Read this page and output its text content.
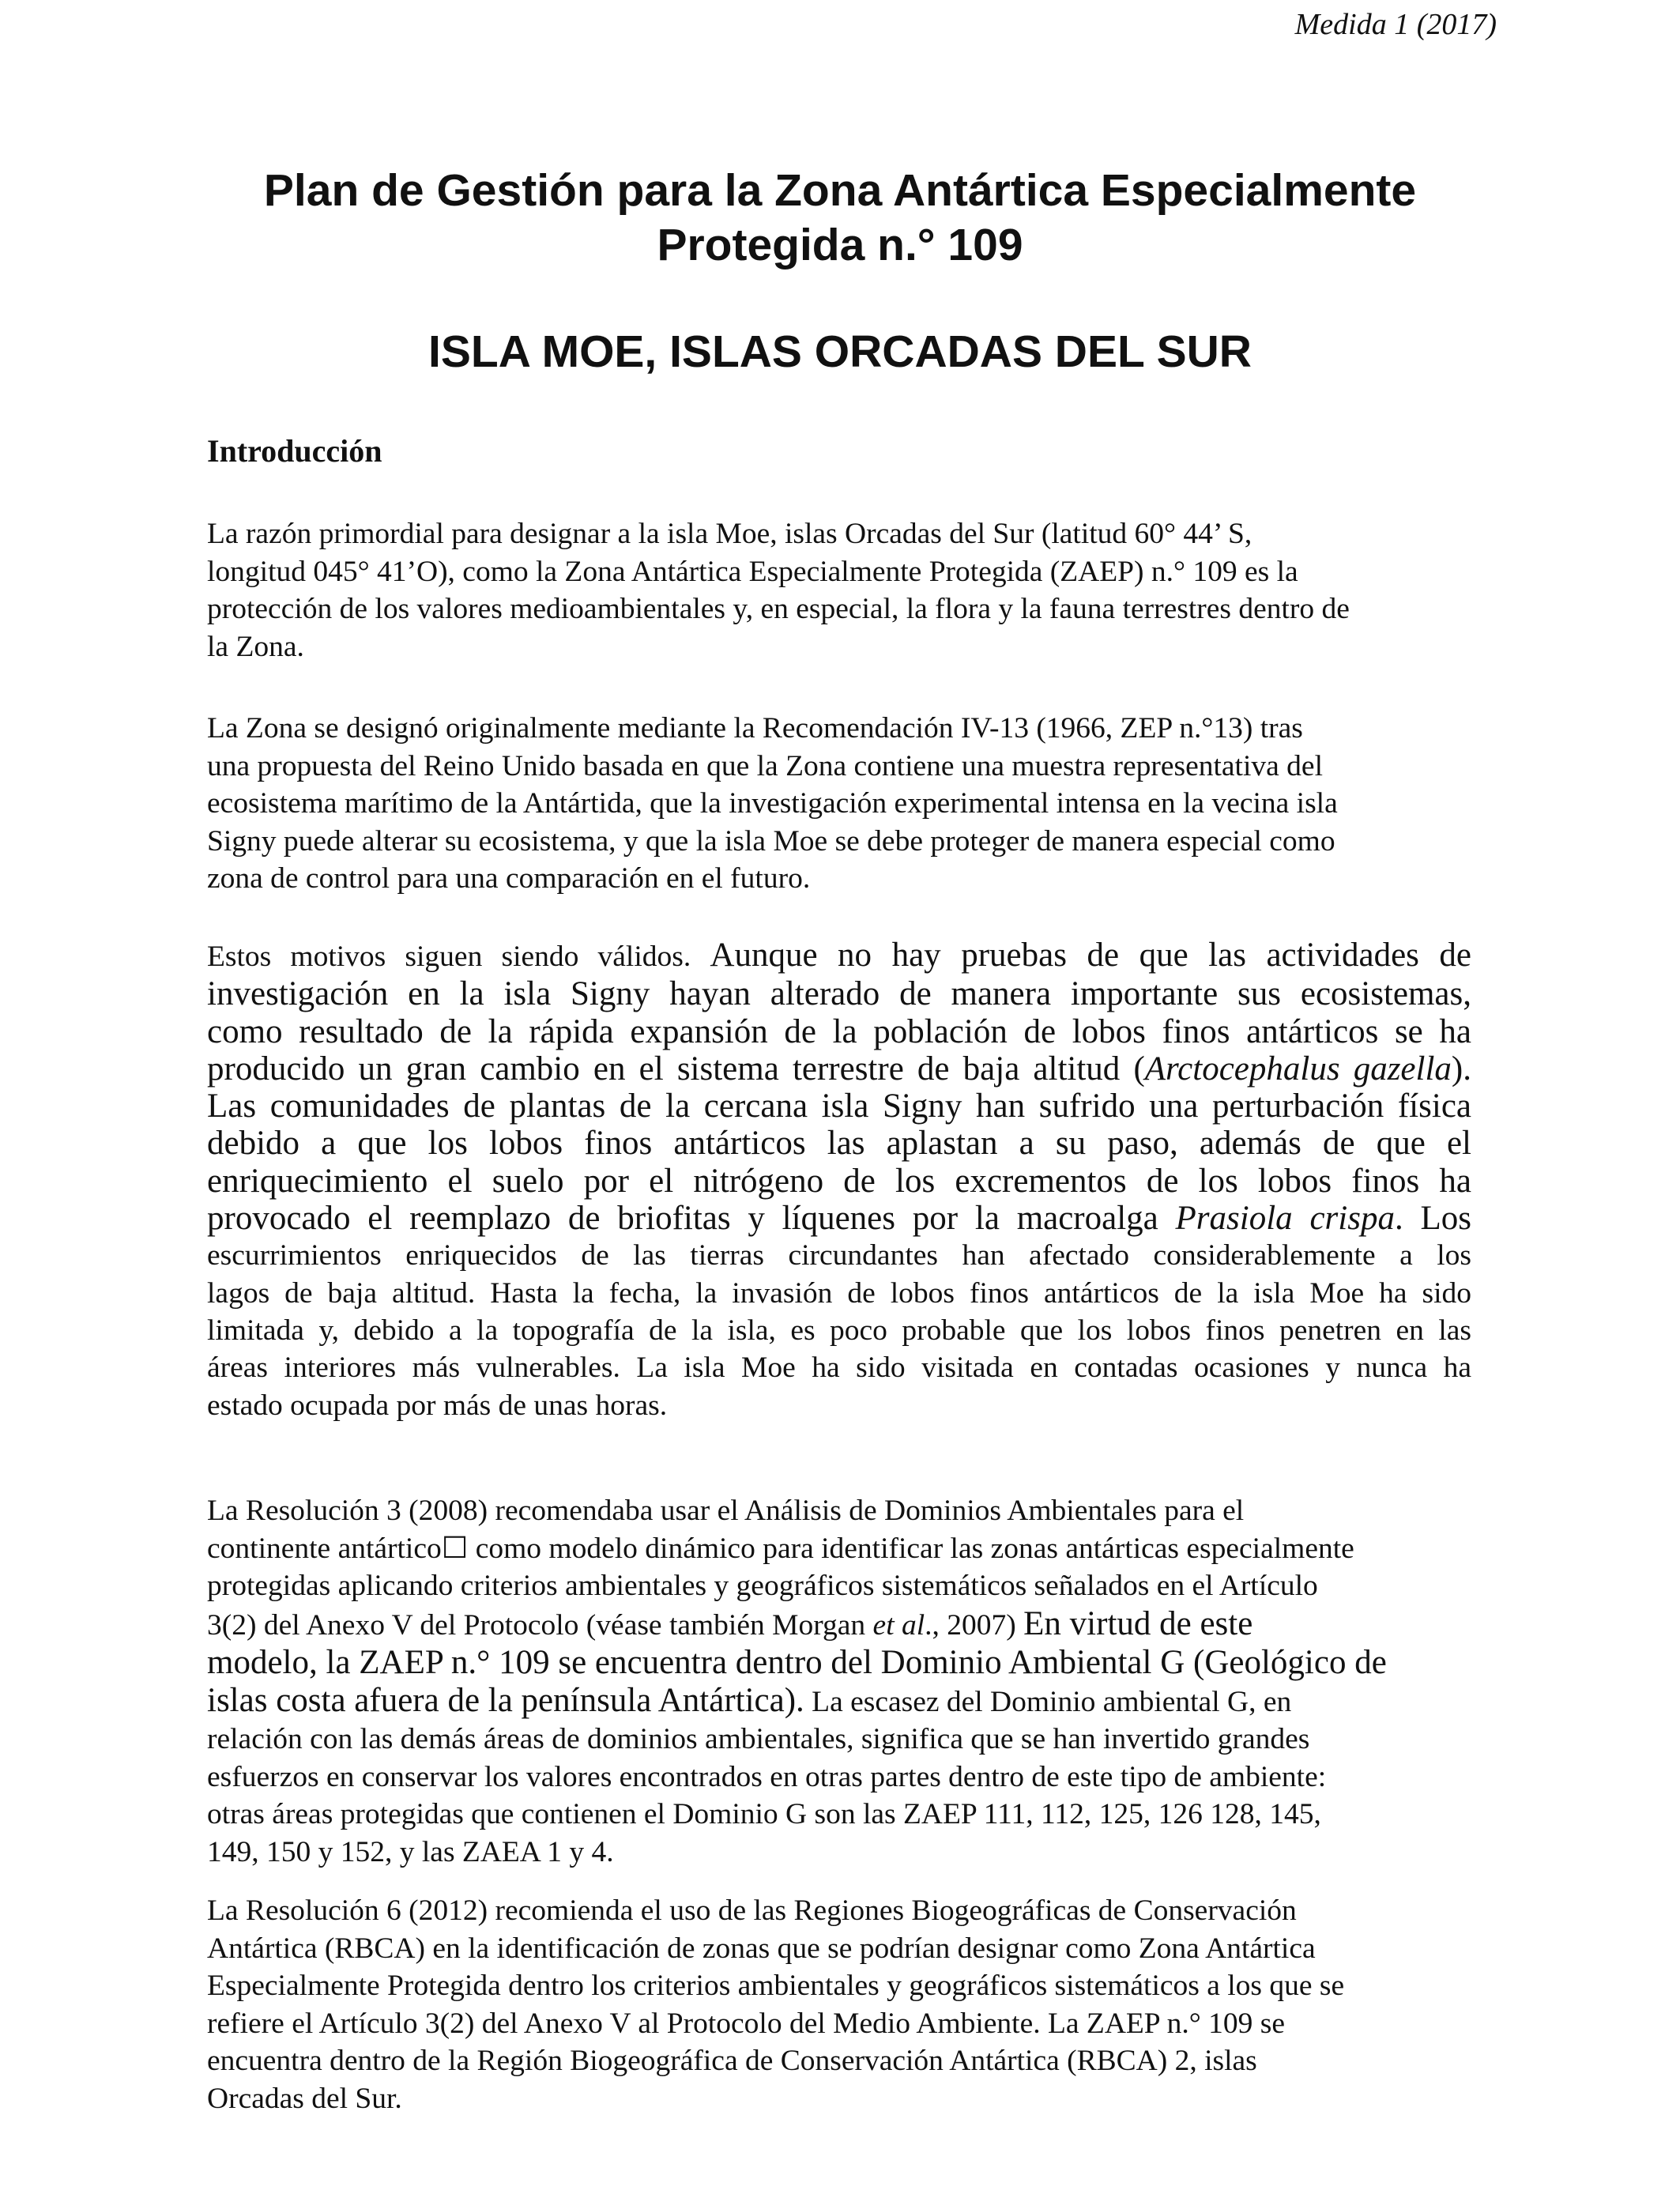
Medida 1 (2017)
Plan de Gestión para la Zona Antártica Especialmente
Protegida n.° 109
ISLA MOE, ISLAS ORCADAS DEL SUR
Introducción

La razón primordial para designar a la isla Moe, islas Orcadas del Sur (latitud 60° 44’ S,
longitud 045° 41’O), como la Zona Antártica Especialmente Protegida (ZAEP) n.° 109 es la
protección de los valores medioambientales y, en especial, la flora y la fauna terrestres dentro de
la Zona.

La Zona se designó originalmente mediante la Recomendación IV-13 (1966, ZEP n.°13) tras
una propuesta del Reino Unido basada en que la Zona contiene una muestra representativa del
ecosistema marítimo de la Antártida, que la investigación experimental intensa en la vecina isla
Signy puede alterar su ecosistema, y que la isla Moe se debe proteger de manera especial como
zona de control para una comparación en el futuro.

Estos motivos siguen siendo válidos. Aunque no hay pruebas de que las actividades de
investigación en la isla Signy hayan alterado de manera importante sus ecosistemas,
como resultado de la rápida expansión de la población de lobos finos antárticos se ha
producido un gran cambio en el sistema terrestre de baja altitud (Arctocephalus gazella).
Las comunidades de plantas de la cercana isla Signy han sufrido una perturbación física
debido a que los lobos finos antárticos las aplastan a su paso, además de que el
enriquecimiento el suelo por el nitrógeno de los excrementos de los lobos finos ha
provocado el reemplazo de briofitas y líquenes por la macroalga Prasiola crispa. Los
escurrimientos enriquecidos de las tierras circundantes han afectado considerablemente a los
lagos de baja altitud. Hasta la fecha, la invasión de lobos finos antárticos de la isla Moe ha sido
limitada y, debido a la topografía de la isla, es poco probable que los lobos finos penetren en las
áreas interiores más vulnerables. La isla Moe ha sido visitada en contadas ocasiones y nunca ha
estado ocupada por más de unas horas.

La Resolución 3 (2008) recomendaba usar el Análisis de Dominios Ambientales para el
continente antártico☐ como modelo dinámico para identificar las zonas antárticas especialmente
protegidas aplicando criterios ambientales y geográficos sistemáticos señalados en el Artículo
3(2) del Anexo V del Protocolo (véase también Morgan et al., 2007) En virtud de este
modelo, la ZAEP n.° 109 se encuentra dentro del Dominio Ambiental G (Geológico de
islas costa afuera de la península Antártica). La escasez del Dominio ambiental G, en
relación con las demás áreas de dominios ambientales, significa que se han invertido grandes
esfuerzos en conservar los valores encontrados en otras partes dentro de este tipo de ambiente:
otras áreas protegidas que contienen el Dominio G son las ZAEP 111, 112, 125, 126 128, 145,
149, 150 y 152, y las ZAEA 1 y 4.

La Resolución 6 (2012) recomienda el uso de las Regiones Biogeográficas de Conservación
Antártica (RBCA) en la identificación de zonas que se podrían designar como Zona Antártica
Especialmente Protegida dentro los criterios ambientales y geográficos sistemáticos a los que se
refiere el Artículo 3(2) del Anexo V al Protocolo del Medio Ambiente. La ZAEP n.° 109 se
encuentra dentro de la Región Biogeográfica de Conservación Antártica (RBCA) 2, islas
Orcadas del Sur.
